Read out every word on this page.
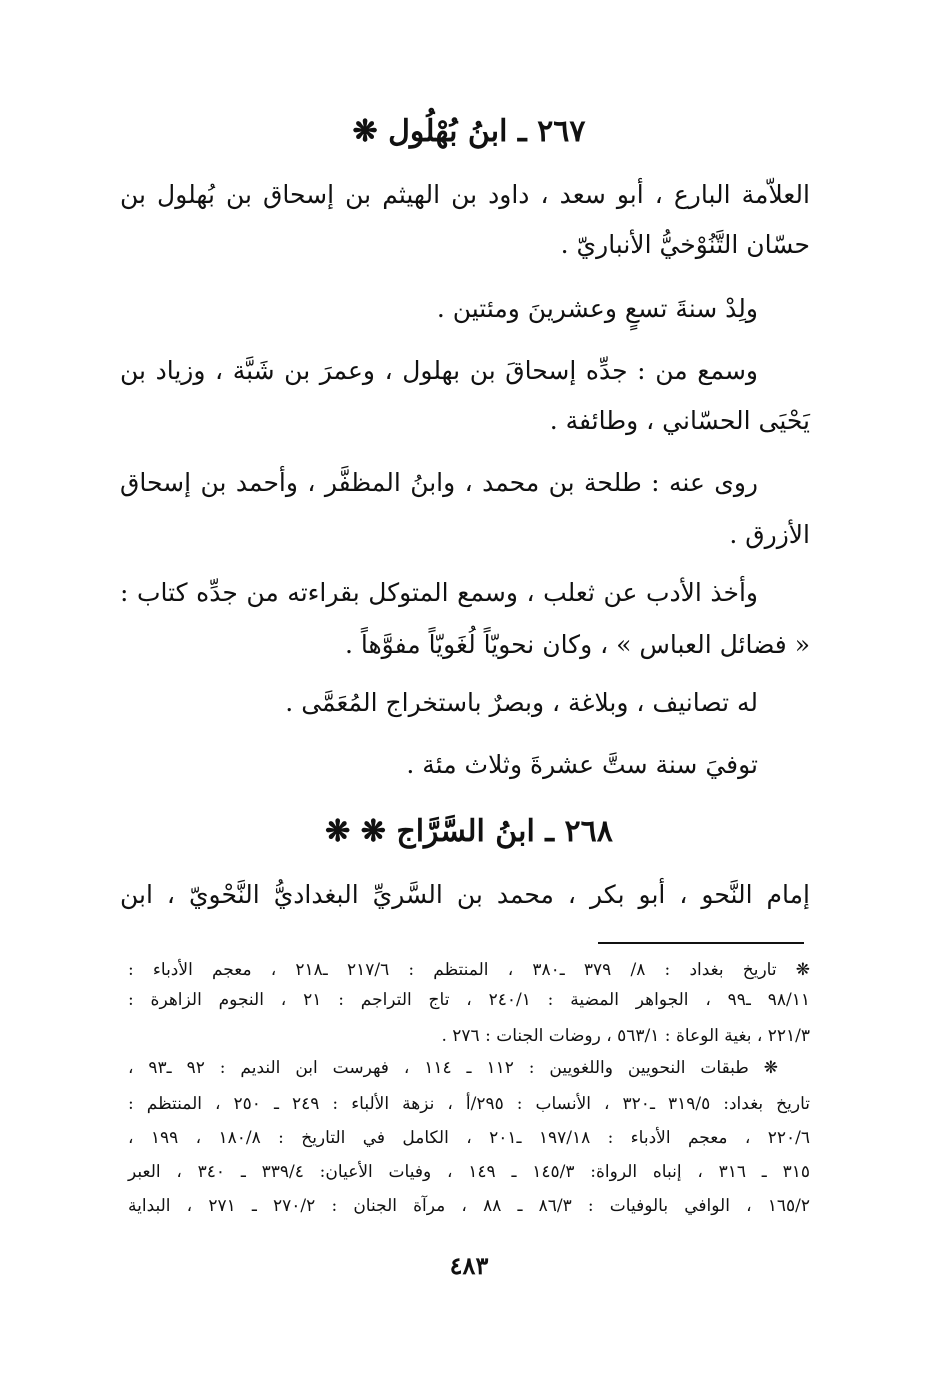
٢٦٧ ـ ابنُ بُهْلُول ❋
العلاّمة البارع ، أبو سعد ، داود بن الهيثم بن إسحاق بن بُهلول بن
حسّان التَّنُوْخيُّ الأنباريّ .
ولِدْ سنةَ تسعٍ وعشرينَ ومئتين .
وسمع من : جدِّه إسحاقَ بن بهلول ، وعمرَ بن شَبَّة ، وزياد بن
يَحْيَى الحسّاني ، وطائفة .
روى عنه : طلحة بن محمد ، وابنُ المظفَّر ، وأحمد بن إسحاق
الأزرق .
وأخذ الأدب عن ثعلب ، وسمع المتوكل بقراءته من جدِّه كتاب :
« فضائل العباس » ، وكان نحويّاً لُغَويّاً مفوَّهاً .
له تصانيف ، وبلاغة ، وبصرٌ باستخراج المُعَمَّى .
توفيَ سنة ستَّ عشرةَ وثلاث مئة .
٢٦٨ ـ ابنُ السَّرَّاج ❋ ❋
إمام النَّحو ، أبو بكر ، محمد بن السَّريِّ البغداديُّ النَّحْويّ ، ابن
❋ تاريخ بغداد : ٨/ ٣٧٩ ـ٣٨٠ ، المنتظم : ٢١٧/٦ ـ٢١٨ ، معجم الأدباء :
٩٨/١١ ـ٩٩ ، الجواهر المضية : ٢٤٠/١ ، تاج التراجم : ٢١ ، النجوم الزاهرة :
٢٢١/٣ ، بغية الوعاة : ٥٦٣/١ ، روضات الجنات : ٢٧٦ .
❋ طبقات النحويين واللغويين : ١١٢ ـ ١١٤ ، فهرست ابن النديم : ٩٢ ـ٩٣ ،
تاريخ بغداد: ٣١٩/٥ ـ٣٢٠ ، الأنساب : ٢٩٥/أ ، نزهة الألباء : ٢٤٩ ـ ٢٥٠ ، المنتظم :
٢٢٠/٦ ، معجم الأدباء : ١٩٧/١٨ ـ٢٠١ ، الكامل في التاريخ : ١٨٠/٨ ، ١٩٩ ،
٣١٥ ـ ٣١٦ ، إنباه الرواة: ١٤٥/٣ ـ ١٤٩ ، وفيات الأعيان: ٣٣٩/٤ ـ ٣٤٠ ، العبر
١٦٥/٢ ، الوافي بالوفيات : ٨٦/٣ ـ ٨٨ ، مرآة الجنان : ٢٧٠/٢ ـ ٢٧١ ، البداية
٤٨٣
